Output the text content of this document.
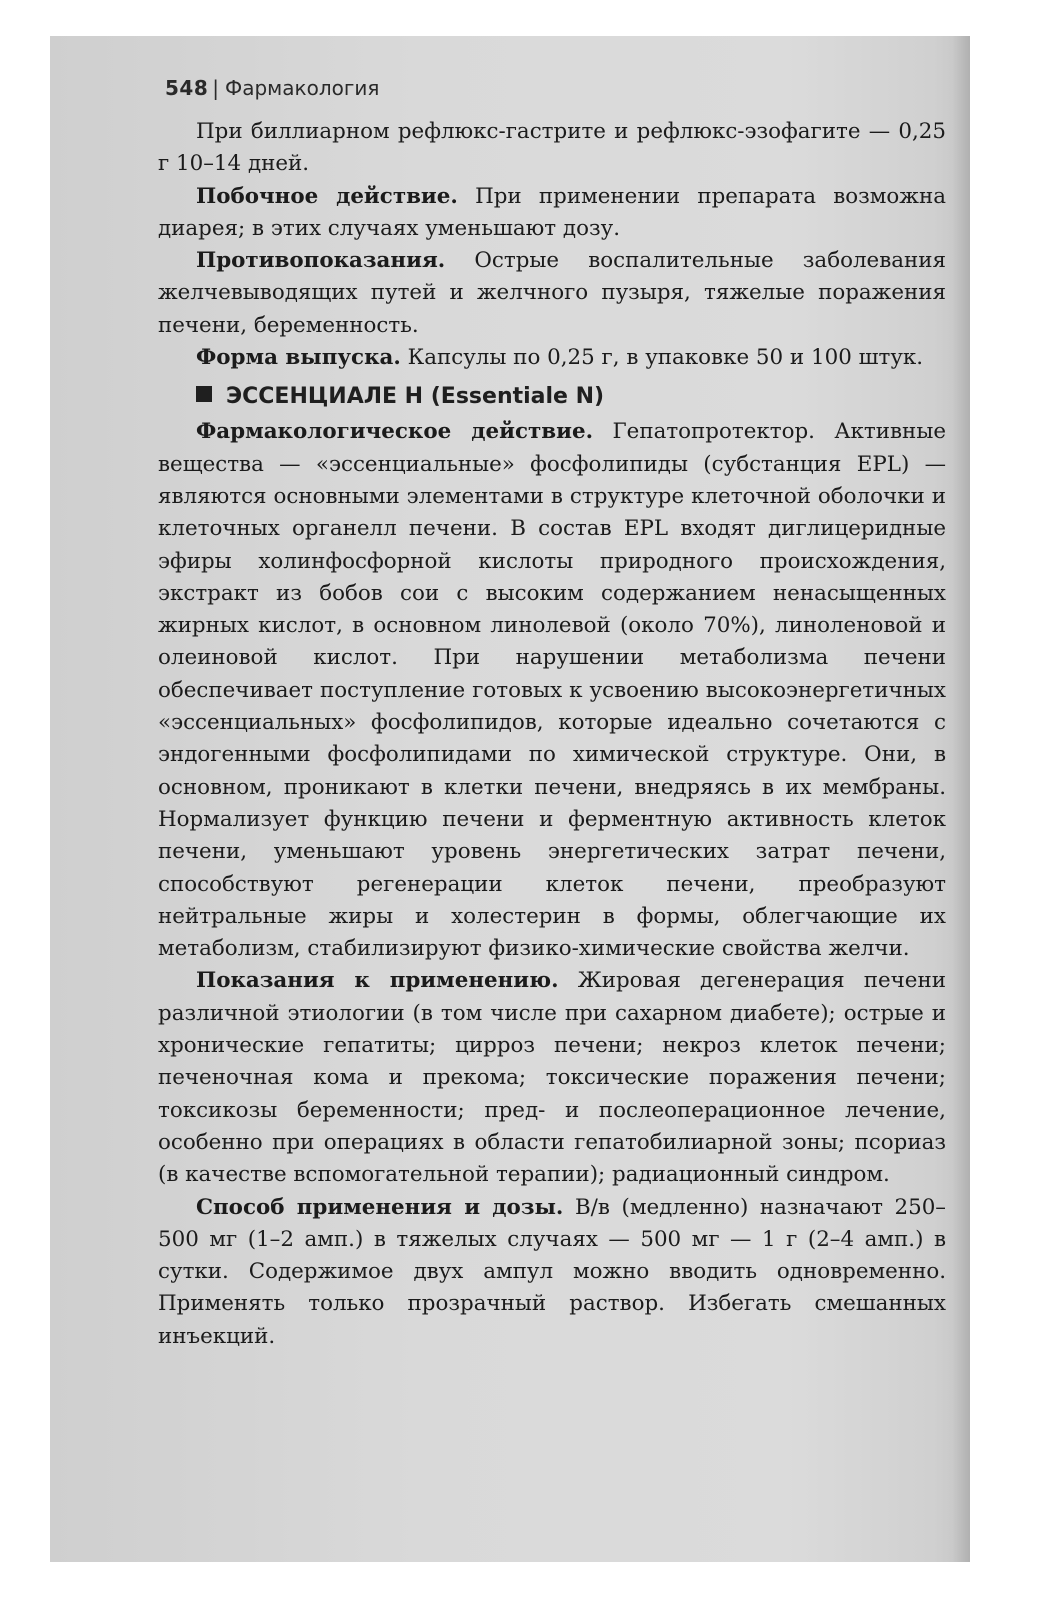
548 | Фармакология

При биллиарном рефлюкс-гастрите и рефлюкс-эзофагите — 0,25 г 10–14 дней.

Побочное действие. При применении препарата возможна диарея; в этих случаях уменьшают дозу.

Противопоказания. Острые воспалительные заболевания желчевыводящих путей и желчного пузыря, тяжелые поражения печени, беременность.

Форма выпуска. Капсулы по 0,25 г, в упаковке 50 и 100 штук.

ЭССЕНЦИАЛЕ Н (Essentiale N)

Фармакологическое действие. Гепатопротектор. Активные вещества — «эссенциальные» фосфолипиды (субстанция EPL) — являются основными элементами в структуре клеточной оболочки и клеточных органелл печени. В состав EPL входят диглицеридные эфиры холинфосфорной кислоты природного происхождения, экстракт из бобов сои с высоким содержанием ненасыщенных жирных кислот, в основном линолевой (около 70%), линоленовой и олеиновой кислот. При нарушении метаболизма печени обеспечивает поступление готовых к усвоению высокоэнергетичных «эссенциальных» фосфолипидов, которые идеально сочетаются с эндогенными фосфолипидами по химической структуре. Они, в основном, проникают в клетки печени, внедряясь в их мембраны. Нормализует функцию печени и ферментную активность клеток печени, уменьшают уровень энергетических затрат печени, способствуют регенерации клеток печени, преобразуют нейтральные жиры и холестерин в формы, облегчающие их метаболизм, стабилизируют физико-химические свойства желчи.

Показания к применению. Жировая дегенерация печени различной этиологии (в том числе при сахарном диабете); острые и хронические гепатиты; цирроз печени; некроз клеток печени; печеночная кома и прекома; токсические поражения печени; токсикозы беременности; пред- и послеоперационное лечение, особенно при операциях в области гепатобилиарной зоны; псориаз (в качестве вспомогательной терапии); радиационный синдром.

Способ применения и дозы. В/в (медленно) назначают 250–500 мг (1–2 амп.) в тяжелых случаях — 500 мг — 1 г (2–4 амп.) в сутки. Содержимое двух ампул можно вводить одновременно. Применять только прозрачный раствор. Избегать смешанных инъекций.
